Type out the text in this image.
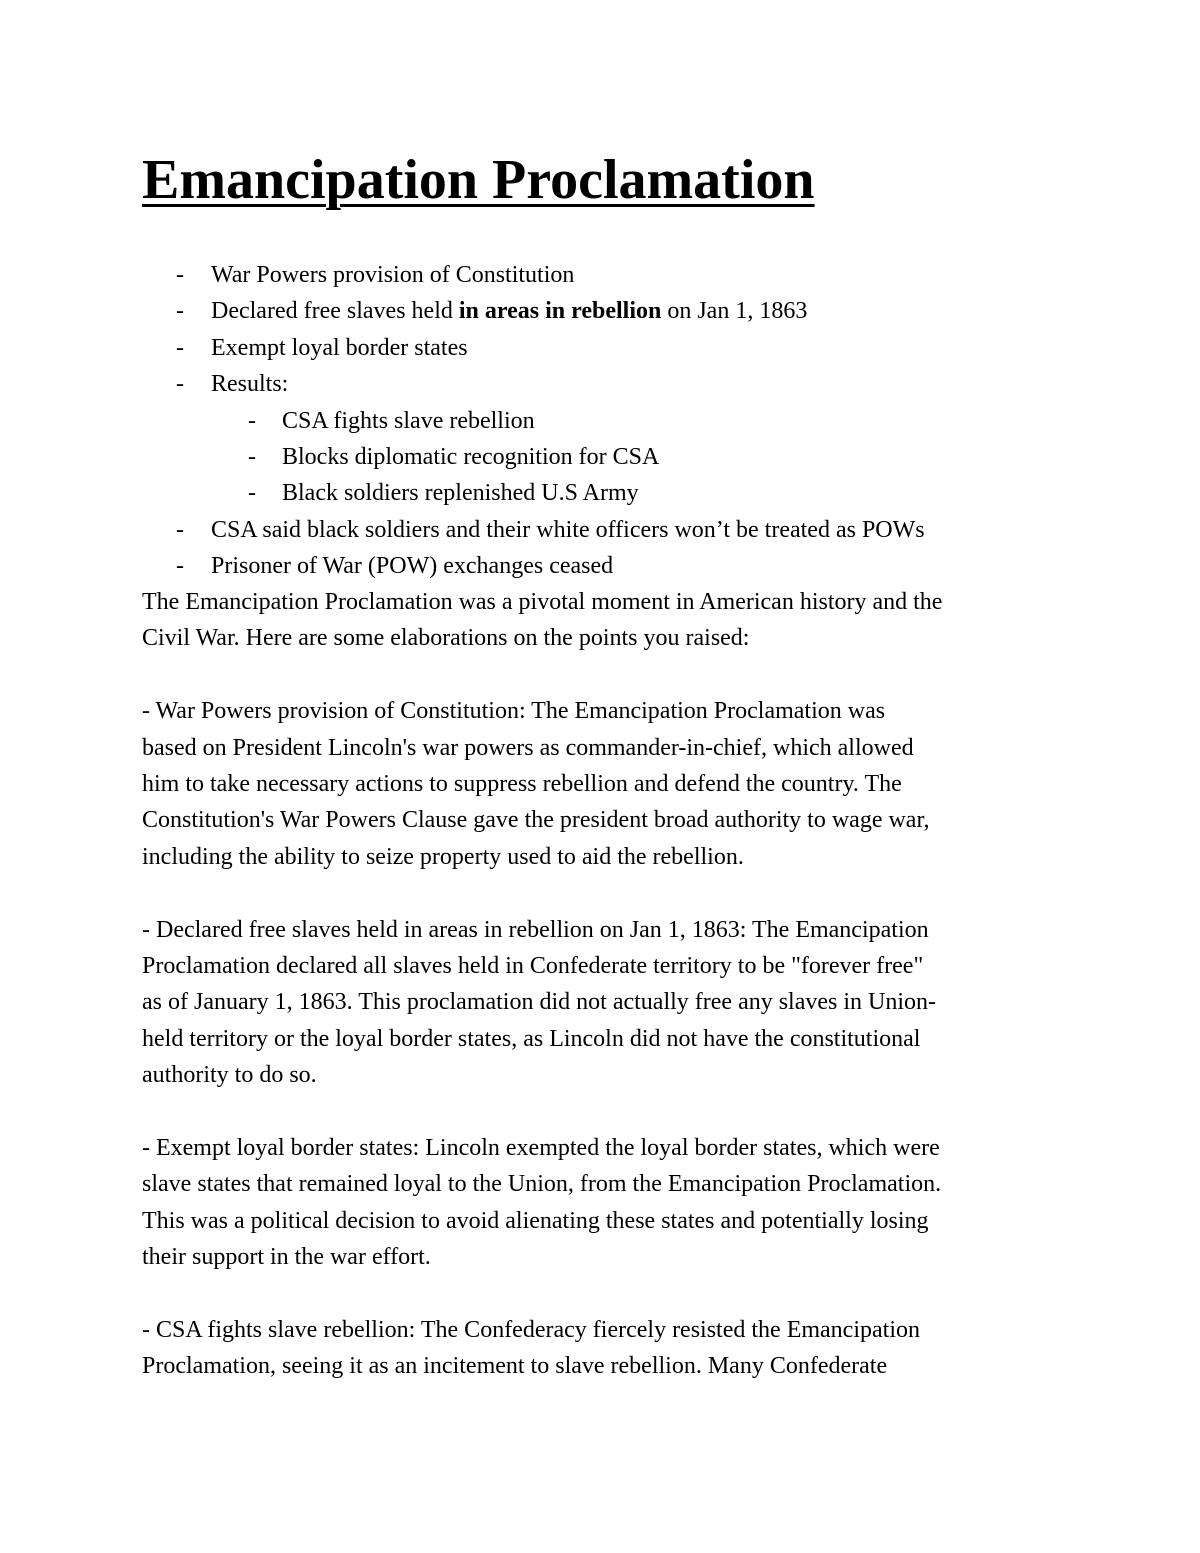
Emancipation Proclamation
- War Powers provision of Constitution
- Declared free slaves held in areas in rebellion on Jan 1, 1863
- Exempt loyal border states
- Results:
- CSA fights slave rebellion
- Blocks diplomatic recognition for CSA
- Black soldiers replenished U.S Army
- CSA said black soldiers and their white officers won’t be treated as POWs
- Prisoner of War (POW) exchanges ceased

The Emancipation Proclamation was a pivotal moment in American history and the

Civil War. Here are some elaborations on the points you raised:

- War Powers provision of Constitution: The Emancipation Proclamation was

based on President Lincoln's war powers as commander-in-chief, which allowed

him to take necessary actions to suppress rebellion and defend the country. The

Constitution's War Powers Clause gave the president broad authority to wage war,

including the ability to seize property used to aid the rebellion.

- Declared free slaves held in areas in rebellion on Jan 1, 1863: The Emancipation

Proclamation declared all slaves held in Confederate territory to be "forever free"

as of January 1, 1863. This proclamation did not actually free any slaves in Union-

held territory or the loyal border states, as Lincoln did not have the constitutional

authority to do so.

- Exempt loyal border states: Lincoln exempted the loyal border states, which were

slave states that remained loyal to the Union, from the Emancipation Proclamation.

This was a political decision to avoid alienating these states and potentially losing

their support in the war effort.

- CSA fights slave rebellion: The Confederacy fiercely resisted the Emancipation

Proclamation, seeing it as an incitement to slave rebellion. Many Confederate
